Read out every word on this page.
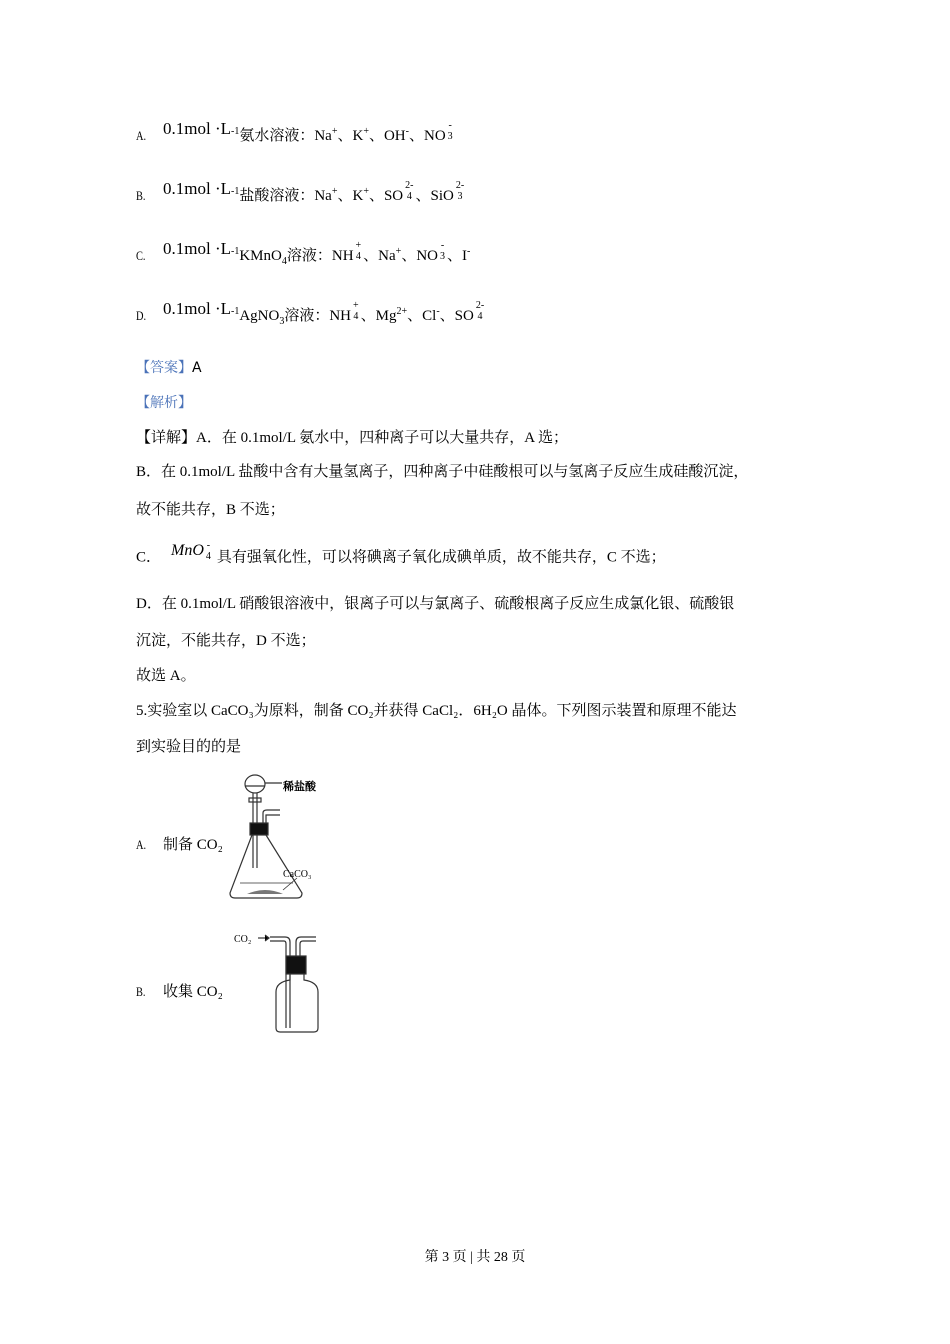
A. $0.1mol \cdot L^{-1}$氨水溶液：Na+、K+、OH-、NO
-
3
B. $0.1mol \cdot L^{-1}$盐酸溶液：Na+、K+、SO
2-
4 、SiO
2-
3
C. $0.1mol \cdot L^{-1}KMnO_4$溶液：NH
+
4 、Na+、NO
-
3 、I-
D. $0.1mol \cdot L^{-1}AgNO_3$溶液：NH
+
4 、$Mg^{2+}$、Cl-、SO
2-
4
【答案】A
【解析】
【详解】A．在 0.1mol/L 氨水中，四种离子可以大量共存，A 选；
B．在 0.1mol/L 盐酸中含有大量氢离子，四种离子中硅酸根可以与氢离子反应生成硅酸沉淀，
故不能共存，B 不选；
C． MnO -
4 具有强氧化性，可以将碘离子氧化成碘单质，故不能共存，C 不选；
D．在 0.1mol/L 硝酸银溶液中，银离子可以与氯离子、硫酸根离子反应生成氯化银、硫酸银
沉淀，不能共存，D 不选；
故选 A。
5.实验室以 CaCO₃为原料，制备 CO₂并获得 CaCl₂．6H₂O 晶体。下列图示装置和原理不能达
到实验目的的是
A. 制备 CO₂
B. 收集 CO₂
稀盐酸
CaCO₃
CO₂
第 3 页 | 共 28 页
